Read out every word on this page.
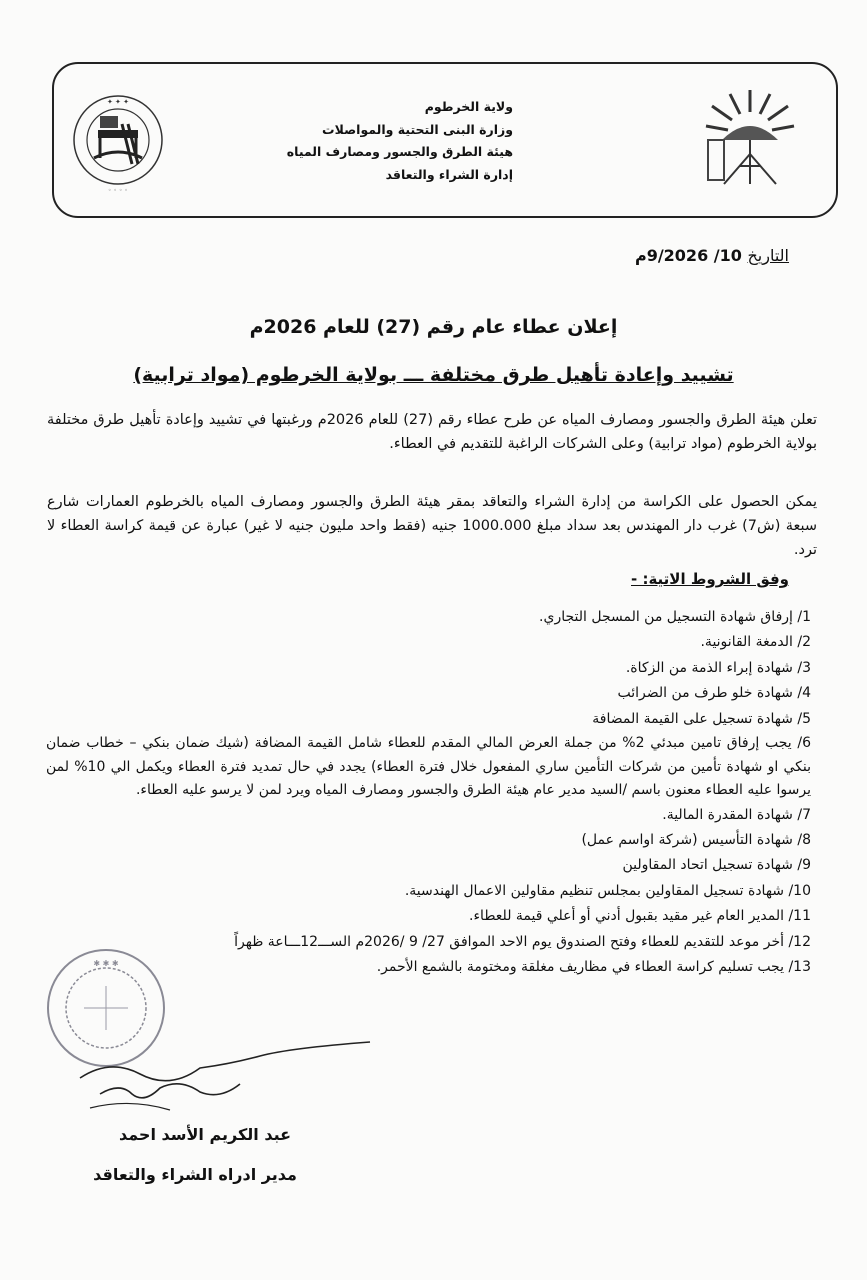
✦ ✦ ✦
◦ ◦ ◦ ◦
ولاية الخرطوم
وزارة البنى التحتية والمواصلات
هيئة الطرق والجسور ومصارف المياه
إدارة الشراء والتعاقد
التاريخ 10/ 9/2026م
إعلان عطاء عام رقم (27) للعام 2026م
تشييد وإعادة تأهيل طرق مختلفة ـــ بولاية الخرطوم (مواد ترابية)
تعلن هيئة الطرق والجسور ومصارف المياه عن طرح عطاء رقم (27) للعام 2026م ورغبتها في تشييد وإعادة تأهيل طرق مختلفة بولاية الخرطوم (مواد ترابية) وعلى الشركات الراغبة للتقديم في العطاء.
يمكن الحصول على الكراسة من إدارة الشراء والتعاقد بمقر هيئة الطرق والجسور ومصارف المياه بالخرطوم العمارات شارع سبعة (ش7) غرب دار المهندس بعد سداد مبلغ 1000.000 جنيه (فقط واحد مليون جنيه لا غير) عبارة عن قيمة كراسة العطاء لا ترد.
وفق الشروط الاتية: -
1/ إرفاق شهادة التسجيل من المسجل التجاري.
2/ الدمغة القانونية.
3/ شهادة إبراء الذمة من الزكاة.
4/ شهادة خلو طرف من الضرائب
5/ شهادة تسجيل على القيمة المضافة
6/ يجب إرفاق تامين مبدئي 2% من جملة العرض المالي المقدم للعطاء شامل القيمة المضافة (شيك ضمان بنكي – خطاب ضمان بنكي او شهادة تأمين من شركات التأمين ساري المفعول خلال فترة العطاء) يجدد في حال تمديد فترة العطاء ويكمل الي 10% لمن يرسوا عليه العطاء معنون باسم /السيد مدير عام هيئة الطرق والجسور ومصارف المياه ويرد لمن لا يرسو عليه العطاء.
7/ شهادة المقدرة المالية.
8/ شهادة التأسيس (شركة اواسم عمل)
9/ شهادة تسجيل اتحاد المقاولين
10/ شهادة تسجيل المقاولين بمجلس تنظيم مقاولين الاعمال الهندسية.
11/ المدير العام غير مقيد بقبول أدني أو أعلي قيمة للعطاء.
12/ أخر موعد للتقديم للعطاء وفتح الصندوق يوم الاحد الموافق 27/ 9 /2026م الســـ12ـــاعة ظهراً
13/ يجب تسليم كراسة العطاء في مظاريف مغلقة ومختومة بالشمع الأحمر.
✱ ✱ ✱
عبد الكريم الأسد احمد
مدير ادراه الشراء والتعاقد
